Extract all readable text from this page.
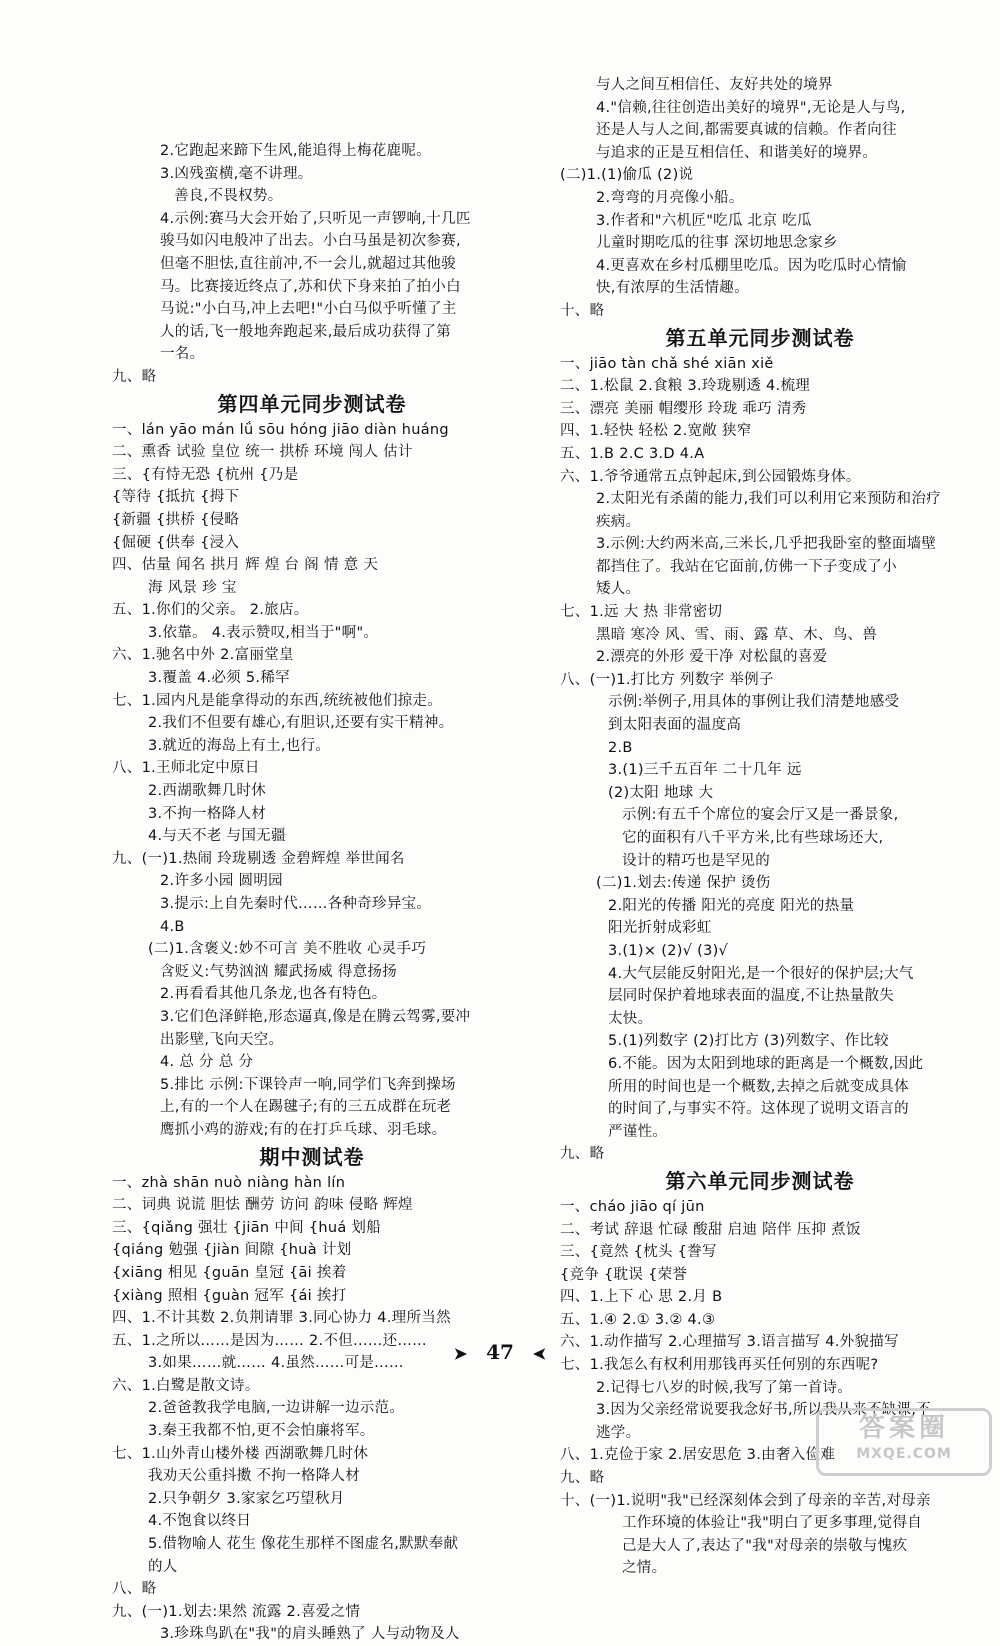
2.它跑起来蹄下生风,能追得上梅花鹿呢。
3.凶残蛮横,毫不讲理。
善良,不畏权势。
4.示例:赛马大会开始了,只听见一声锣响,十几匹
骏马如闪电般冲了出去。小白马虽是初次参赛,
但毫不胆怯,直往前冲,不一会儿,就超过其他骏
马。比赛接近终点了,苏和伏下身来拍了拍小白
马说:"小白马,冲上去吧!"小白马似乎听懂了主
人的话,飞一般地奔跑起来,最后成功获得了第
一名。
九、略
第四单元同步测试卷
一、lán yāo mán lǘ sōu hóng jiāo diàn huáng
二、熏香 试验 皇位 统一 拱桥 环境 闯人 估计
三、{有恃无恐 {杭州 {乃是
{等待 {抵抗 {拇下
{新疆 {拱桥 {侵略
{倔硬 {供奉 {浸入
四、估量 闻名 拱月 辉 煌 台 阁 情 意 天
海 风景 珍 宝
五、1.你们的父亲。 2.旅店。
3.依靠。 4.表示赞叹,相当于"啊"。
六、1.驰名中外 2.富丽堂皇
3.覆盖 4.必须 5.稀罕
七、1.园内凡是能拿得动的东西,统统被他们掠走。
2.我们不但要有雄心,有胆识,还要有实干精神。
3.就近的海岛上有土,也行。
八、1.王师北定中原日
2.西湖歌舞几时休
3.不拘一格降人材
4.与天不老 与国无疆
九、(一)1.热闹 玲珑剔透 金碧辉煌 举世闻名
2.许多小园 圆明园
3.提示:上自先秦时代……各种奇珍异宝。
4.B
(二)1.含褒义:妙不可言 美不胜收 心灵手巧
含贬义:气势汹汹 耀武扬威 得意扬扬
2.再看看其他几条龙,也各有特色。
3.它们色泽鲜艳,形态逼真,像是在腾云驾雾,要冲
出影壁,飞向天空。
4. 总 分 总 分
5.排比 示例:下课铃声一响,同学们飞奔到操场
上,有的一个人在踢毽子;有的三五成群在玩老
鹰抓小鸡的游戏;有的在打乒乓球、羽毛球。
期中测试卷
一、zhà shān nuò niàng hàn lín
二、词典 说谎 胆怯 酬劳 访问 韵味 侵略 辉煌
三、{qiǎng 强壮 {jiān 中间 {huá 划船
{qiáng 勉强 {jiàn 间隙 {huà 计划
{xiāng 相见 {guān 皇冠 {āi 挨着
{xiàng 照相 {guàn 冠军 {ái 挨打
四、1.不计其数 2.负荆请罪 3.同心协力 4.理所当然
五、1.之所以……是因为…… 2.不但……还……
3.如果……就…… 4.虽然……可是……
六、1.白鹭是散文诗。
2.爸爸教我学电脑,一边讲解一边示范。
3.秦王我都不怕,更不会怕廉将军。
七、1.山外青山楼外楼 西湖歌舞几时休
我劝天公重抖擞 不拘一格降人材
2.只争朝夕 3.家家乞巧望秋月
4.不饱食以终日
5.借物喻人 花生 像花生那样不图虚名,默默奉献
的人
八、略
九、(一)1.划去:果然 流露 2.喜爱之情
3.珍珠鸟趴在"我"的肩头睡熟了 人与动物及人
与人之间互相信任、友好共处的境界
4."信赖,往往创造出美好的境界",无论是人与鸟,
还是人与人之间,都需要真诚的信赖。作者向往
与追求的正是互相信任、和谐美好的境界。
(二)1.(1)偷瓜 (2)说
2.弯弯的月亮像小船。
3.作者和"六机匠"吃瓜 北京 吃瓜
儿童时期吃瓜的往事 深切地思念家乡
4.更喜欢在乡村瓜棚里吃瓜。因为吃瓜时心情愉
快,有浓厚的生活情趣。
十、略
第五单元同步测试卷
一、jiāo tàn chǎ shé xiān xiě
二、1.松鼠 2.食粮 3.玲珑剔透 4.梳理
三、漂亮 美丽 帽缨形 玲珑 乖巧 清秀
四、1.轻快 轻松 2.宽敞 狭窄
五、1.B 2.C 3.D 4.A
六、1.爷爷通常五点钟起床,到公园锻炼身体。
2.太阳光有杀菌的能力,我们可以利用它来预防和治疗
疾病。
3.示例:大约两米高,三米长,几乎把我卧室的整面墙壁
都挡住了。我站在它面前,仿佛一下子变成了小
矮人。
七、1.远 大 热 非常密切
黑暗 寒冷 风、雪、雨、露 草、木、鸟、兽
2.漂亮的外形 爱干净 对松鼠的喜爱
八、(一)1.打比方 列数字 举例子
示例:举例子,用具体的事例让我们清楚地感受
到太阳表面的温度高
2.B
3.(1)三千五百年 二十几年 远
(2)太阳 地球 大
示例:有五千个席位的宴会厅又是一番景象,
它的面积有八千平方米,比有些球场还大,
设计的精巧也是罕见的
(二)1.划去:传递 保护 烫伤
2.阳光的传播 阳光的亮度 阳光的热量
阳光折射成彩虹
3.(1)× (2)√ (3)√
4.大气层能反射阳光,是一个很好的保护层;大气
层同时保护着地球表面的温度,不让热量散失
太快。
5.(1)列数字 (2)打比方 (3)列数字、作比较
6.不能。因为太阳到地球的距离是一个概数,因此
所用的时间也是一个概数,去掉之后就变成具体
的时间了,与事实不符。这体现了说明文语言的
严谨性。
九、略
第六单元同步测试卷
一、cháo jiāo qí jūn
二、考试 辞退 忙碌 酸甜 启迪 陪伴 压抑 煮饭
三、{竟然 {枕头 {誊写
{竞争 {耽误 {荣誉
四、1.上下 心 思 2.月 B
五、1.④ 2.① 3.② 4.③
六、1.动作描写 2.心理描写 3.语言描写 4.外貌描写
七、1.我怎么有权利用那钱再买任何别的东西呢?
2.记得七八岁的时候,我写了第一首诗。
3.因为父亲经常说要我念好书,所以我从来不缺课,不
逃学。
八、1.克俭于家 2.居安思危 3.由奢入俭难
九、略
十、(一)1.说明"我"已经深刻体会到了母亲的辛苦,对母亲
工作环境的体验让"我"明白了更多事理,觉得自
己是大人了,表达了"我"对母亲的崇敬与愧疚
之情。
➤ 47 ➤
答案圈
MXQE.COM
